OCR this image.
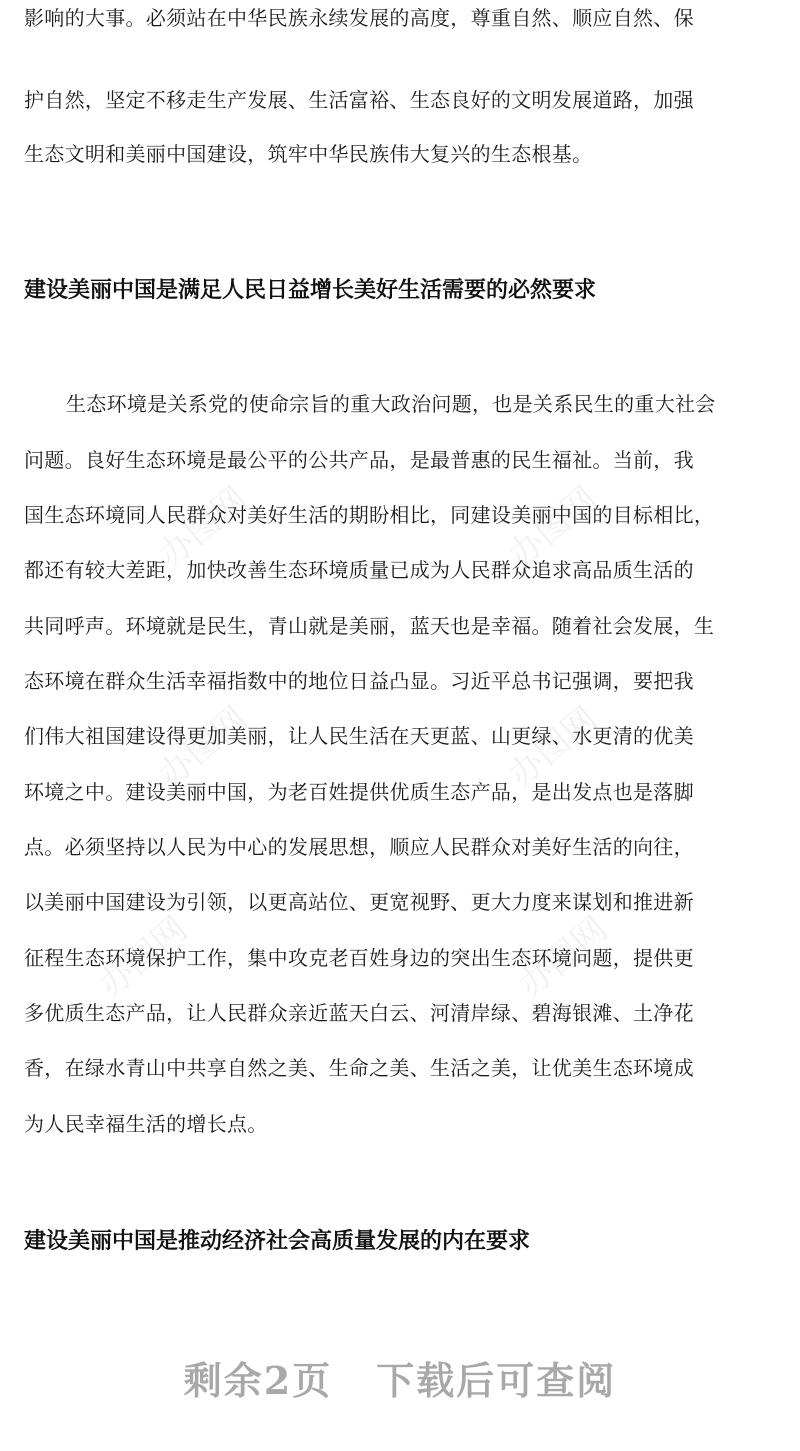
办图网	办图网
办图网	办图网
办图网	办图网
影响的大事。必须站在中华民族永续发展的高度，尊重自然、顺应自然、保
护自然，坚定不移走生产发展、生活富裕、生态良好的文明发展道路，加强
生态文明和美丽中国建设，筑牢中华民族伟大复兴的生态根基。
建设美丽中国是满足人民日益增长美好生活需要的必然要求
生态环境是关系党的使命宗旨的重大政治问题，也是关系民生的重大社会
问题。良好生态环境是最公平的公共产品，是最普惠的民生福祉。当前，我
国生态环境同人民群众对美好生活的期盼相比，同建设美丽中国的目标相比，
都还有较大差距，加快改善生态环境质量已成为人民群众追求高品质生活的
共同呼声。环境就是民生，青山就是美丽，蓝天也是幸福。随着社会发展，生
态环境在群众生活幸福指数中的地位日益凸显。习近平总书记强调，要把我
们伟大祖国建设得更加美丽，让人民生活在天更蓝、山更绿、水更清的优美
环境之中。建设美丽中国，为老百姓提供优质生态产品，是出发点也是落脚
点。必须坚持以人民为中心的发展思想，顺应人民群众对美好生活的向往，
以美丽中国建设为引领，以更高站位、更宽视野、更大力度来谋划和推进新
征程生态环境保护工作，集中攻克老百姓身边的突出生态环境问题，提供更
多优质生态产品，让人民群众亲近蓝天白云、河清岸绿、碧海银滩、土净花
香，在绿水青山中共享自然之美、生命之美、生活之美，让优美生态环境成
为人民幸福生活的增长点。
建设美丽中国是推动经济社会高质量发展的内在要求
剩余2页 下载后可查阅
